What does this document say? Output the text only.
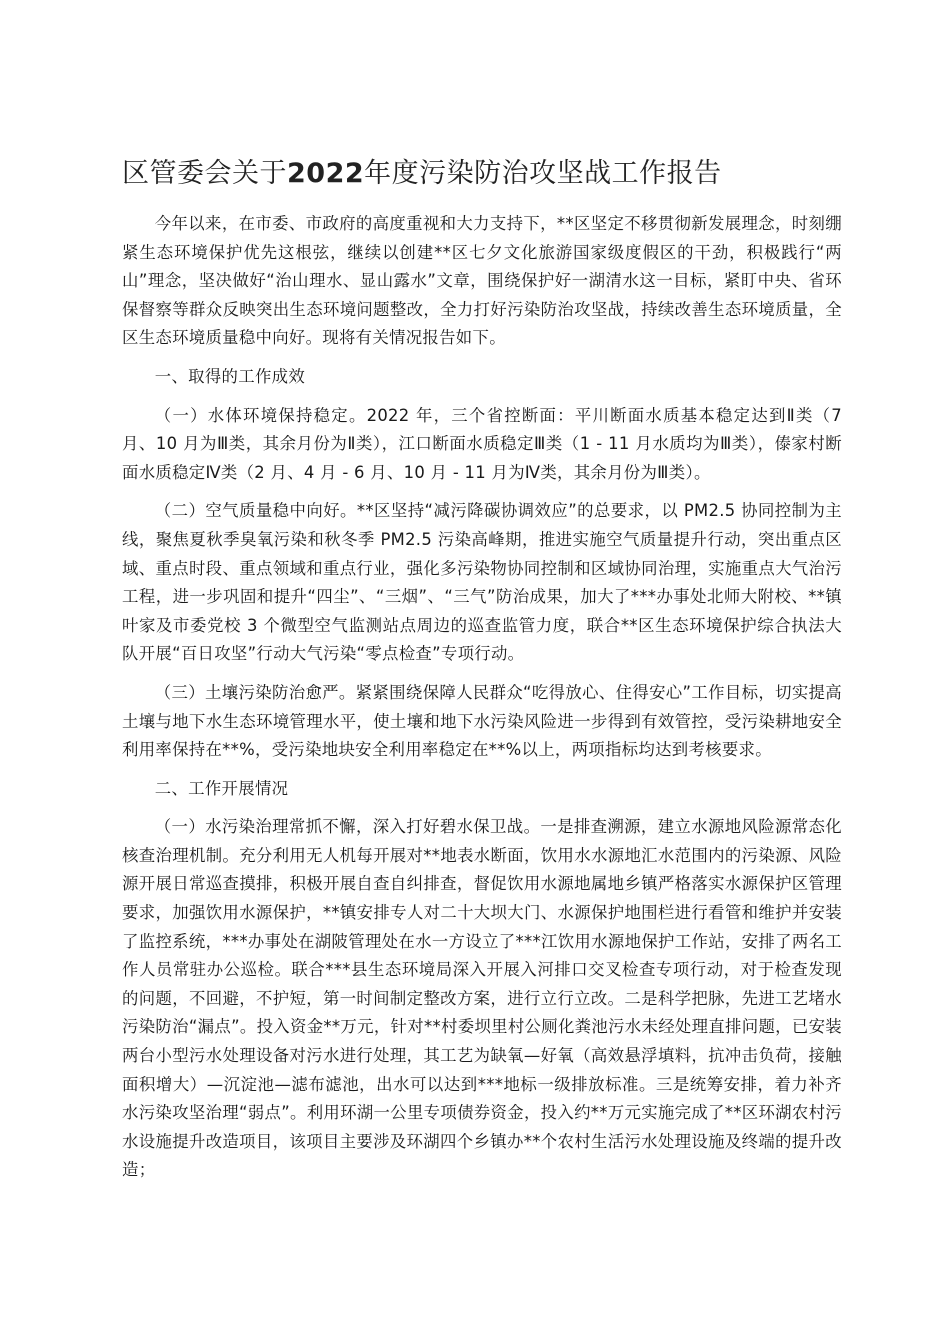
区管委会关于2022年度污染防治攻坚战工作报告

今年以来，在市委、市政府的高度重视和大力支持下，**区坚定不移贯彻新发展理念，时刻绷紧生态环境保护优先这根弦，继续以创建**区七夕文化旅游国家级度假区的干劲，积极践行“两山”理念，坚决做好“治山理水、显山露水”文章，围绕保护好一湖清水这一目标，紧盯中央、省环保督察等群众反映突出生态环境问题整改，全力打好污染防治攻坚战，持续改善生态环境质量，全区生态环境质量稳中向好。现将有关情况报告如下。

一、取得的工作成效

（一）水体环境保持稳定。2022 年，三个省控断面：平川断面水质基本稳定达到Ⅱ类（7 月、10 月为Ⅲ类，其余月份为Ⅱ类），江口断面水质稳定Ⅲ类（1 - 11 月水质均为Ⅲ类），傣家村断面水质稳定Ⅳ类（2 月、4 月 - 6 月、10 月 - 11 月为Ⅳ类，其余月份为Ⅲ类）。

（二）空气质量稳中向好。**区坚持“减污降碳协调效应”的总要求，以 PM2.5 协同控制为主线，聚焦夏秋季臭氧污染和秋冬季 PM2.5 污染高峰期，推进实施空气质量提升行动，突出重点区域、重点时段、重点领域和重点行业，强化多污染物协同控制和区域协同治理，实施重点大气治污工程，进一步巩固和提升“四尘”、“三烟”、“三气”防治成果，加大了***办事处北师大附校、**镇叶家及市委党校 3 个微型空气监测站点周边的巡查监管力度，联合**区生态环境保护综合执法大队开展“百日攻坚”行动大气污染“零点检查”专项行动。

（三）土壤污染防治愈严。紧紧围绕保障人民群众“吃得放心、住得安心”工作目标，切实提高土壤与地下水生态环境管理水平，使土壤和地下水污染风险进一步得到有效管控，受污染耕地安全利用率保持在**%，受污染地块安全利用率稳定在**%以上，两项指标均达到考核要求。

二、工作开展情况

（一）水污染治理常抓不懈，深入打好碧水保卫战。一是排查溯源，建立水源地风险源常态化核查治理机制。充分利用无人机每开展对**地表水断面，饮用水水源地汇水范围内的污染源、风险源开展日常巡查摸排，积极开展自查自纠排查，督促饮用水源地属地乡镇严格落实水源保护区管理要求，加强饮用水源保护，**镇安排专人对二十大坝大门、水源保护地围栏进行看管和维护并安装了监控系统，***办事处在湖陂管理处在水一方设立了***江饮用水源地保护工作站，安排了两名工作人员常驻办公巡检。联合***县生态环境局深入开展入河排口交叉检查专项行动，对于检查发现的问题，不回避，不护短，第一时间制定整改方案，进行立行立改。二是科学把脉，先进工艺堵水污染防治“漏点”。投入资金**万元，针对**村委坝里村公厕化粪池污水未经处理直排问题，已安装两台小型污水处理设备对污水进行处理，其工艺为缺氧—好氧（高效悬浮填料，抗冲击负荷，接触面积增大）—沉淀池—滤布滤池，出水可以达到***地标一级排放标准。三是统筹安排，着力补齐水污染攻坚治理“弱点”。利用环湖一公里专项债券资金，投入约**万元实施完成了**区环湖农村污水设施提升改造项目，该项目主要涉及环湖四个乡镇办**个农村生活污水处理设施及终端的提升改造；
